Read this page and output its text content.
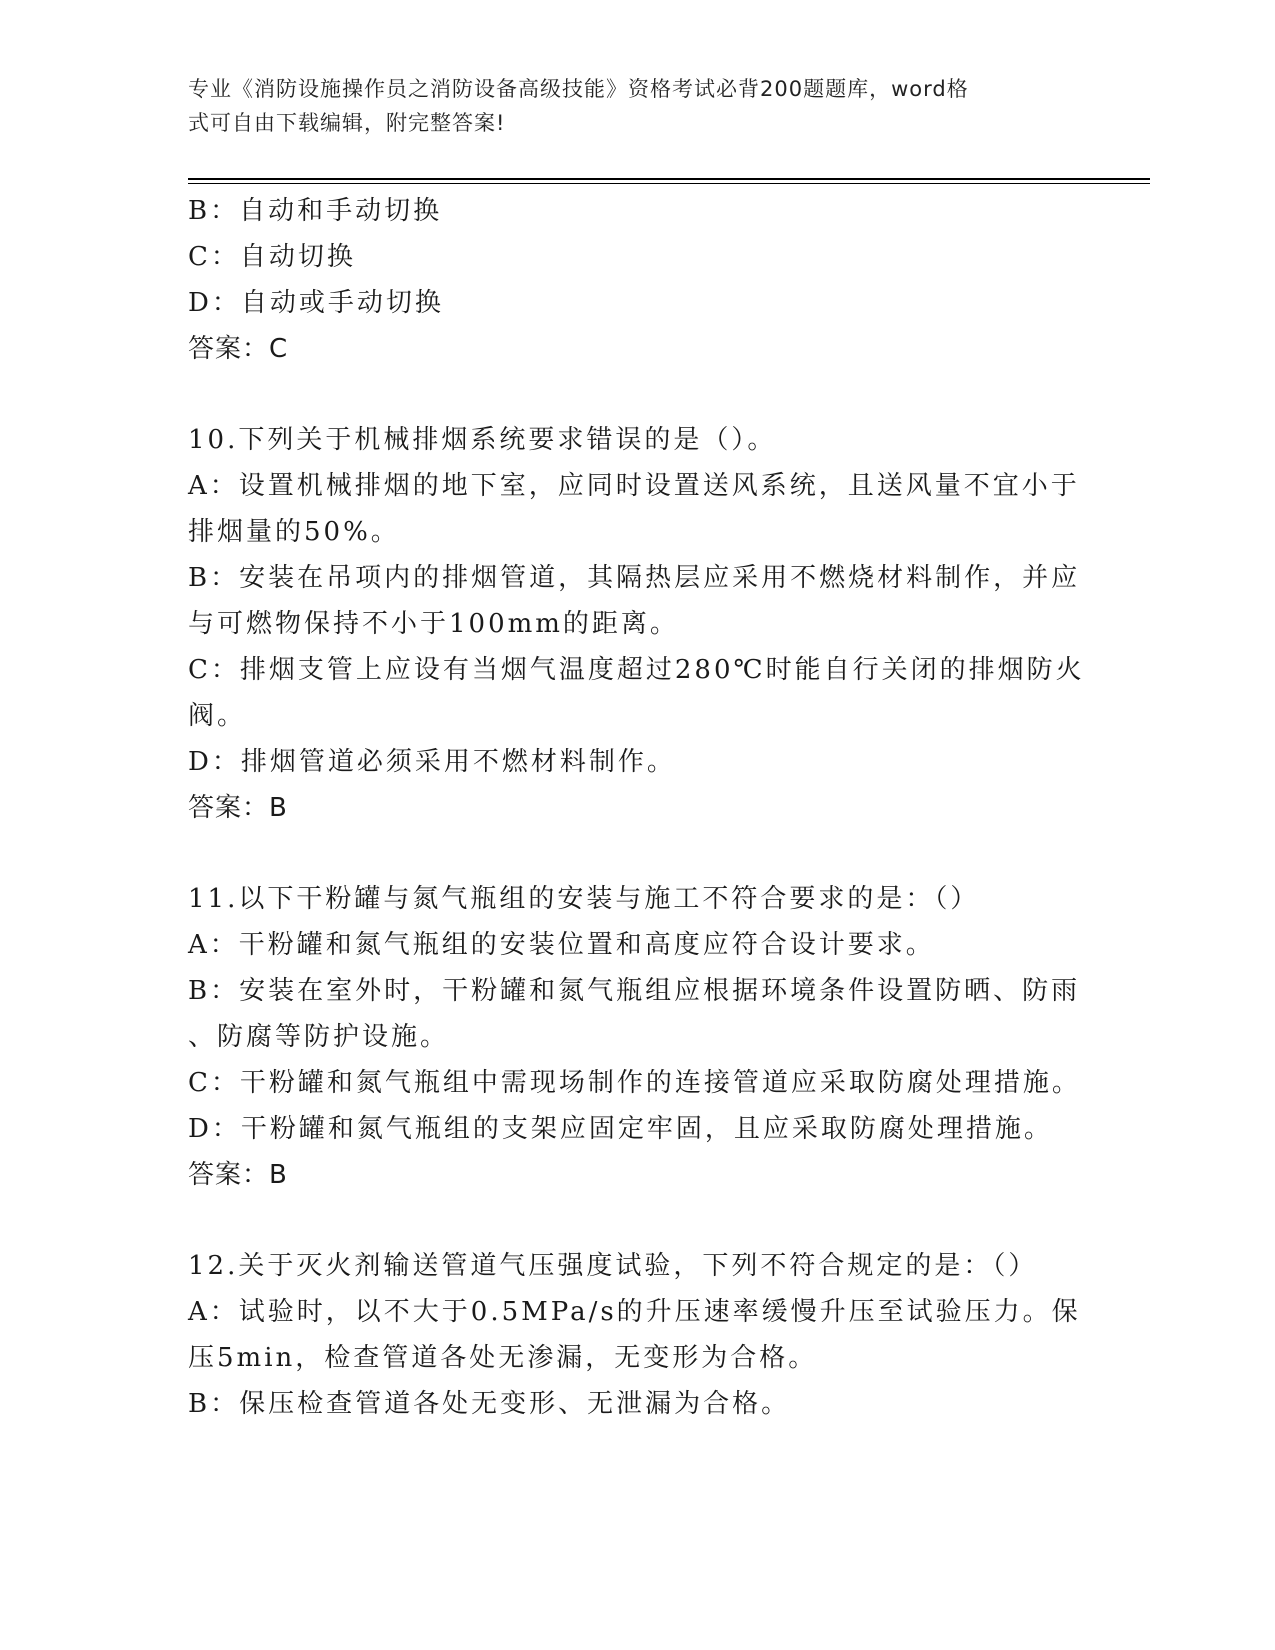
专业《消防设施操作员之消防设备高级技能》资格考试必背200题题库，word格
式可自由下载编辑，附完整答案!
B：自动和手动切换
C：自动切换
D：自动或手动切换
答案：C
10.下列关于机械排烟系统要求错误的是（）。
A：设置机械排烟的地下室，应同时设置送风系统，且送风量不宜小于
排烟量的50%。
B：安装在吊项内的排烟管道，其隔热层应采用不燃烧材料制作，并应
与可燃物保持不小于100mm的距离。
C：排烟支管上应设有当烟气温度超过280℃时能自行关闭的排烟防火
阀。
D：排烟管道必须采用不燃材料制作。
答案：B
11.以下干粉罐与氮气瓶组的安装与施工不符合要求的是：（）
A：干粉罐和氮气瓶组的安装位置和高度应符合设计要求。
B：安装在室外时，干粉罐和氮气瓶组应根据环境条件设置防晒、防雨
、防腐等防护设施。
C：干粉罐和氮气瓶组中需现场制作的连接管道应采取防腐处理措施。
D：干粉罐和氮气瓶组的支架应固定牢固，且应采取防腐处理措施。
答案：B
12.关于灭火剂输送管道气压强度试验，下列不符合规定的是：（）
A：试验时，以不大于0.5MPa/s的升压速率缓慢升压至试验压力。保
压5min，检查管道各处无渗漏，无变形为合格。
B：保压检查管道各处无变形、无泄漏为合格。
